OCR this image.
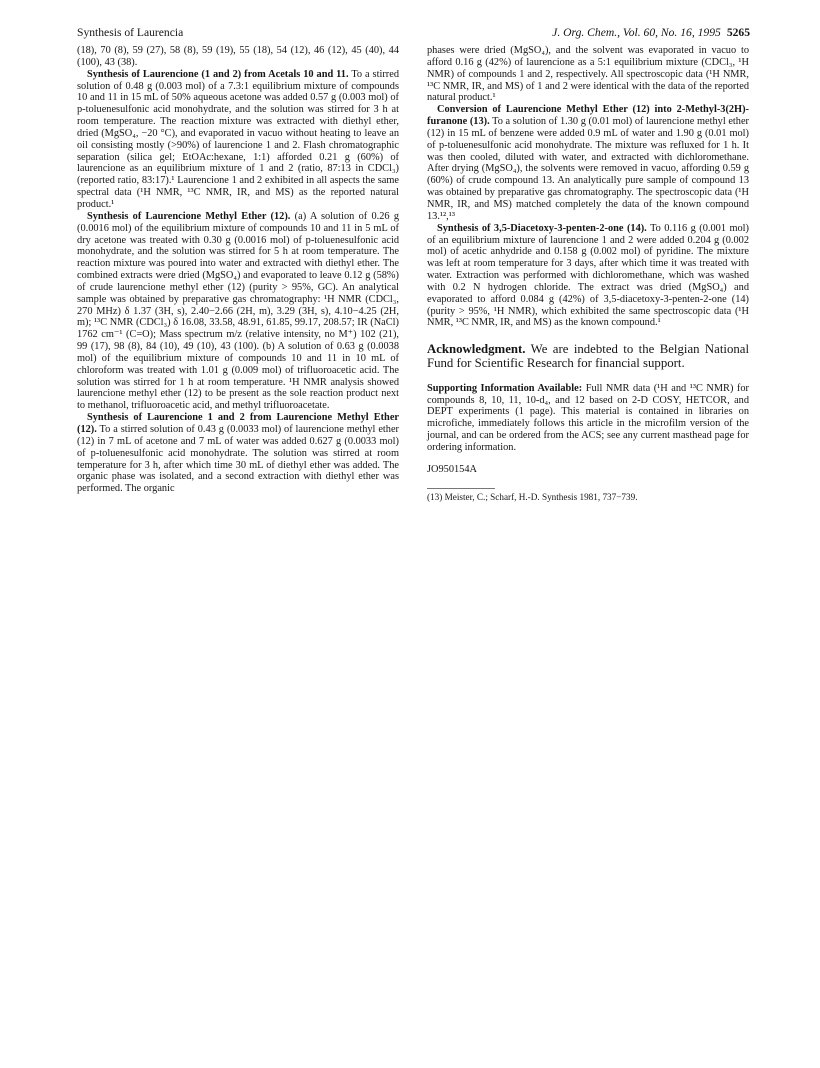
Synthesis of Laurencia	J. Org. Chem., Vol. 60, No. 16, 1995 5265

(18), 70 (8), 59 (27), 58 (8), 59 (19), 55 (18), 54 (12), 46 (12), 45 (40), 44 (100), 43 (38).

Synthesis of Laurencione (1 and 2) from Acetals 10 and 11. To a stirred solution of 0.48 g (0.003 mol) of a 7.3:1 equilibrium mixture of compounds 10 and 11 in 15 mL of 50% aqueous acetone was added 0.57 g (0.003 mol) of p-toluenesulfonic acid monohydrate, and the solution was stirred for 3 h at room temperature. The reaction mixture was extracted with diethyl ether, dried (MgSO₄, −20 °C), and evaporated in vacuo without heating to leave an oil consisting mostly (>90%) of laurencione 1 and 2. Flash chromatographic separation (silica gel; EtOAc:hexane, 1:1) afforded 0.21 g (60%) of laurencione as an equilibrium mixture of 1 and 2 (ratio, 87:13 in CDCl₃) (reported ratio, 83:17).¹ Laurencione 1 and 2 exhibited in all aspects the same spectral data (¹H NMR, ¹³C NMR, IR, and MS) as the reported natural product.¹

Synthesis of Laurencione Methyl Ether (12). (a) A solution of 0.26 g (0.0016 mol) of the equilibrium mixture of compounds 10 and 11 in 5 mL of dry acetone was treated with 0.30 g (0.0016 mol) of p-toluenesulfonic acid monohydrate, and the solution was stirred for 5 h at room temperature. The reaction mixture was poured into water and extracted with diethyl ether. The combined extracts were dried (MgSO₄) and evaporated to leave 0.12 g (58%) of crude laurencione methyl ether (12) (purity > 95%, GC). An analytical sample was obtained by preparative gas chromatography: ¹H NMR (CDCl₃, 270 MHz) δ 1.37 (3H, s), 2.40−2.66 (2H, m), 3.29 (3H, s), 4.10−4.25 (2H, m); ¹³C NMR (CDCl₃) δ 16.08, 33.58, 48.91, 61.85, 99.17, 208.57; IR (NaCl) 1762 cm⁻¹ (C=O); Mass spectrum m/z (relative intensity, no M⁺) 102 (21), 99 (17), 98 (8), 84 (10), 49 (10), 43 (100). (b) A solution of 0.63 g (0.0038 mol) of the equilibrium mixture of compounds 10 and 11 in 10 mL of chloroform was treated with 1.01 g (0.009 mol) of trifluoroacetic acid. The solution was stirred for 1 h at room temperature. ¹H NMR analysis showed laurencione methyl ether (12) to be present as the sole reaction product next to methanol, trifluoroacetic acid, and methyl trifluoroacetate.

Synthesis of Laurencione 1 and 2 from Laurencione Methyl Ether (12). To a stirred solution of 0.43 g (0.0033 mol) of laurencione methyl ether (12) in 7 mL of acetone and 7 mL of water was added 0.627 g (0.0033 mol) of p-toluenesulfonic acid monohydrate. The solution was stirred at room temperature for 3 h, after which time 30 mL of diethyl ether was added. The organic phase was isolated, and a second extraction with diethyl ether was performed. The organic

phases were dried (MgSO₄), and the solvent was evaporated in vacuo to afford 0.16 g (42%) of laurencione as a 5:1 equilibrium mixture (CDCl₃, ¹H NMR) of compounds 1 and 2, respectively. All spectroscopic data (¹H NMR, ¹³C NMR, IR, and MS) of 1 and 2 were identical with the data of the reported natural product.¹

Conversion of Laurencione Methyl Ether (12) into 2-Methyl-3(2H)-furanone (13). To a solution of 1.30 g (0.01 mol) of laurencione methyl ether (12) in 15 mL of benzene were added 0.9 mL of water and 1.90 g (0.01 mol) of p-toluenesulfonic acid monohydrate. The mixture was refluxed for 1 h. It was then cooled, diluted with water, and extracted with dichloromethane. After drying (MgSO₄), the solvents were removed in vacuo, affording 0.59 g (60%) of crude compound 13. An analytically pure sample of compound 13 was obtained by preparative gas chromatography. The spectroscopic data (¹H NMR, IR, and MS) matched completely the data of the known compound 13.¹²,¹³

Synthesis of 3,5-Diacetoxy-3-penten-2-one (14). To 0.116 g (0.001 mol) of an equilibrium mixture of laurencione 1 and 2 were added 0.204 g (0.002 mol) of acetic anhydride and 0.158 g (0.002 mol) of pyridine. The mixture was left at room temperature for 3 days, after which time it was treated with water. Extraction was performed with dichloromethane, which was washed with 0.2 N hydrogen chloride. The extract was dried (MgSO₄) and evaporated to afford 0.084 g (42%) of 3,5-diacetoxy-3-penten-2-one (14) (purity > 95%, ¹H NMR), which exhibited the same spectroscopic data (¹H NMR, ¹³C NMR, IR, and MS) as the known compound.¹

Acknowledgment. We are indebted to the Belgian National Fund for Scientific Research for financial support.

Supporting Information Available: Full NMR data (¹H and ¹³C NMR) for compounds 8, 10, 11, 10-d₄, and 12 based on 2-D COSY, HETCOR, and DEPT experiments (1 page). This material is contained in libraries on microfiche, immediately follows this article in the microfilm version of the journal, and can be ordered from the ACS; see any current masthead page for ordering information.

JO950154A

(13) Meister, C.; Scharf, H.-D. Synthesis 1981, 737−739.
